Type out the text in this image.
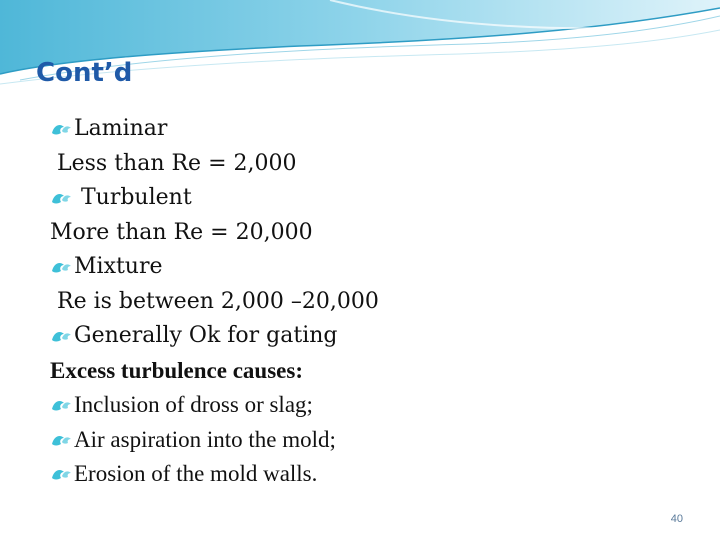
Cont’d
Laminar
Less than Re = 2,000
Turbulent
More than Re = 20,000
Mixture
Re is between 2,000 –20,000
Generally Ok for gating
Excess turbulence causes:
Inclusion of dross or slag;
Air aspiration into the mold;
Erosion of the mold walls.
40
